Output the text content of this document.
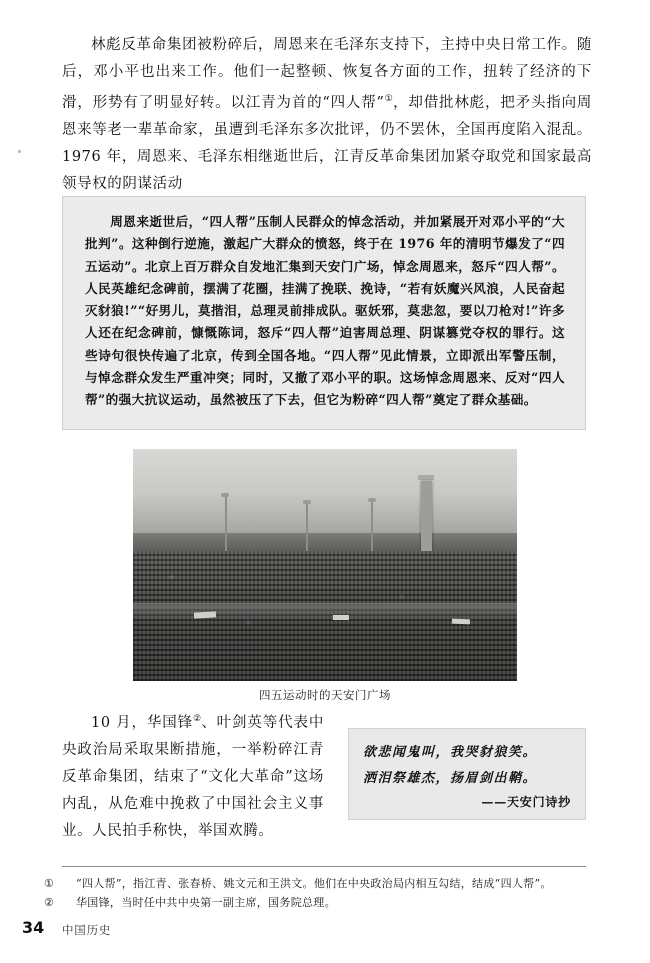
林彪反革命集团被粉碎后，周恩来在毛泽东支持下，主持中央日常工作。随后，邓小平也出来工作。他们一起整顿、恢复各方面的工作，扭转了经济的下滑，形势有了明显好转。以江青为首的“四人帮”①，却借批林彪，把矛头指向周恩来等老一辈革命家，虽遭到毛泽东多次批评，仍不罢休，全国再度陷入混乱。1976 年，周恩来、毛泽东相继逝世后，江青反革命集团加紧夺取党和国家最高领导权的阴谋活动
周恩来逝世后，“四人帮”压制人民群众的悼念活动，并加紧展开对邓小平的“大批判”。这种倒行逆施，激起广大群众的愤怒，终于在 1976 年的清明节爆发了“四五运动”。北京上百万群众自发地汇集到天安门广场，悼念周恩来，怒斥“四人帮”。人民英雄纪念碑前，摆满了花圈，挂满了挽联、挽诗，“若有妖魔兴风浪，人民奋起灭豺狼!”“好男儿，莫揩泪，总理灵前排成队。驱妖邪，莫悲忽，要以刀枪对!”许多人还在纪念碑前，慷慨陈词，怒斥“四人帮”迫害周总理、阴谋篡党夺权的罪行。这些诗句很快传遍了北京，传到全国各地。“四人帮”见此情景，立即派出军警压制，与悼念群众发生严重冲突；同时，又撤了邓小平的职。这场悼念周恩来、反对“四人帮”的强大抗议运动，虽然被压了下去，但它为粉碎“四人帮”奠定了群众基础。
四五运动时的天安门广场
10 月，华国锋②、叶剑英等代表中央政治局采取果断措施，一举粉碎江青反革命集团，结束了“文化大革命”这场内乱，从危难中挽救了中国社会主义事业。人民拍手称快，举国欢腾。
欲悲闻鬼叫，我哭豺狼笑。
洒泪祭雄杰，扬眉剑出鞘。
——天安门诗抄
① “四人帮”，指江青、张春桥、姚文元和王洪文。他们在中央政治局内相互勾结，结成“四人帮”。
② 华国锋，当时任中共中央第一副主席，国务院总理。
34 中国历史
